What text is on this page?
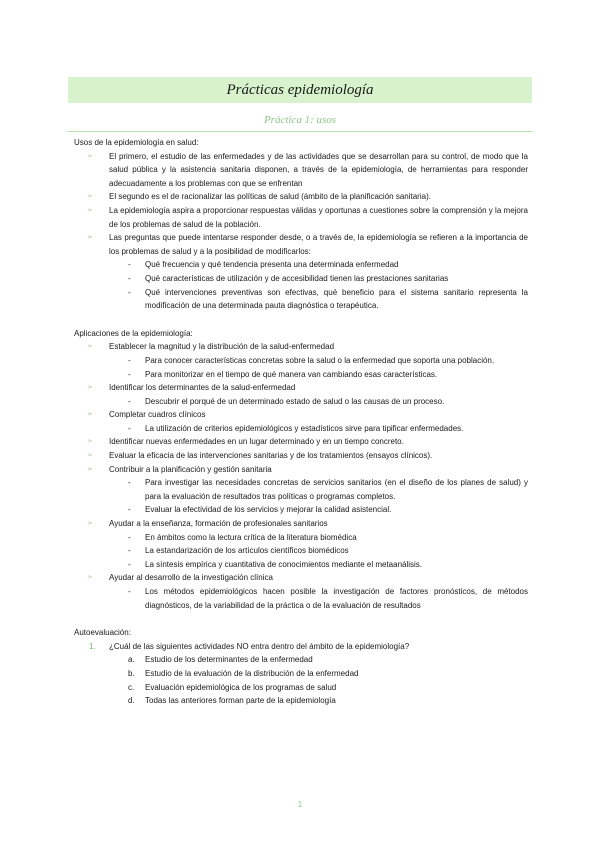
Prácticas epidemiología
Práctica 1: usos
Usos de la epidemiología en salud:
➢ El primero, el estudio de las enfermedades y de las actividades que se desarrollan para su control, de modo que la salud pública y la asistencia sanitaria disponen, a través de la epidemiología, de herramientas para responder adecuadamente a los problemas con que se enfrentan
➢ El segundo es el de racionalizar las políticas de salud (ámbito de la planificación sanitaria).
➢ La epidemiología aspira a proporcionar respuestas válidas y oportunas a cuestiones sobre la comprensión y la mejora de los problemas de salud de la población.
➢ Las preguntas que puede intentarse responder desde, o a través de, la epidemiología se refieren a la importancia de los problemas de salud y a la posibilidad de modificarlos:
- Qué frecuencia y qué tendencia presenta una determinada enfermedad
- Qué características de utilización y de accesibilidad tienen las prestaciones sanitarias
- Qué intervenciones preventivas son efectivas, qué beneficio para el sistema sanitario representa la modificación de una determinada pauta diagnóstica o terapéutica.
Aplicaciones de la epidemiología:
➢ Establecer la magnitud y la distribución de la salud-enfermedad
- Para conocer características concretas sobre la salud o la enfermedad que soporta una población.
- Para monitorizar en el tiempo de qué manera van cambiando esas características.
➢ Identificar los determinantes de la salud-enfermedad
- Descubrir el porqué de un determinado estado de salud o las causas de un proceso.
➢ Completar cuadros clínicos
- La utilización de criterios epidemiológicos y estadísticos sirve para tipificar enfermedades.
➢ Identificar nuevas enfermedades en un lugar determinado y en un tiempo concreto.
➢ Evaluar la eficacia de las intervenciones sanitarias y de los tratamientos (ensayos clínicos).
➢ Contribuir a la planificación y gestión sanitaria
- Para investigar las necesidades concretas de servicios sanitarios (en el diseño de los planes de salud) y para la evaluación de resultados tras políticas o programas completos.
- Evaluar la efectividad de los servicios y mejorar la calidad asistencial.
➢ Ayudar a la enseñanza, formación de profesionales sanitarios
- En ámbitos como la lectura crítica de la literatura biomédica
- La estandarización de los artículos científicos biomédicos
- La síntesis empírica y cuantitativa de conocimientos mediante el metaanálisis.
➢ Ayudar al desarrollo de la investigación clínica
- Los métodos epidemiológicos hacen posible la investigación de factores pronósticos, de métodos diagnósticos, de la variabilidad de la práctica o de la evaluación de resultados
Autoevaluación:
1. ¿Cuál de las siguientes actividades NO entra dentro del ámbito de la epidemiología?
a. Estudio de los determinantes de la enfermedad
b. Estudio de la evaluación de la distribución de la enfermedad
c. Evaluación epidemiológica de los programas de salud
d. Todas las anteriores forman parte de la epidemiología
1
